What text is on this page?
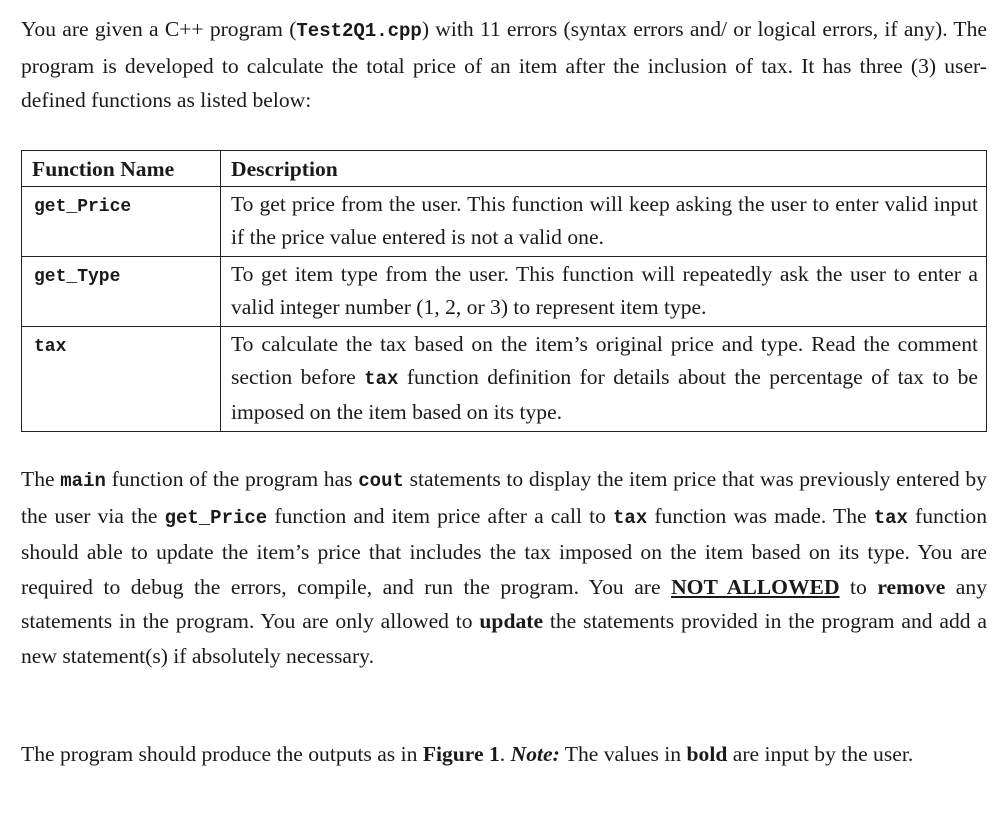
You are given a C++ program (Test2Q1.cpp) with 11 errors (syntax errors and/ or logical errors, if any). The program is developed to calculate the total price of an item after the inclusion of tax. It has three (3) user-defined functions as listed below:

Function Name	Description
get_Price	To get price from the user. This function will keep asking the user to enter valid input if the price value entered is not a valid one.
get_Type	To get item type from the user. This function will repeatedly ask the user to enter a valid integer number (1, 2, or 3) to represent item type.
tax	To calculate the tax based on the item’s original price and type. Read the comment section before tax function definition for details about the percentage of tax to be imposed on the item based on its type.

The main function of the program has cout statements to display the item price that was previously entered by the user via the get_Price function and item price after a call to tax function was made. The tax function should able to update the item’s price that includes the tax imposed on the item based on its type. You are required to debug the errors, compile, and run the program. You are NOT ALLOWED to remove any statements in the program. You are only allowed to update the statements provided in the program and add a new statement(s) if absolutely necessary.

The program should produce the outputs as in Figure 1. Note: The values in bold are input by the user.
